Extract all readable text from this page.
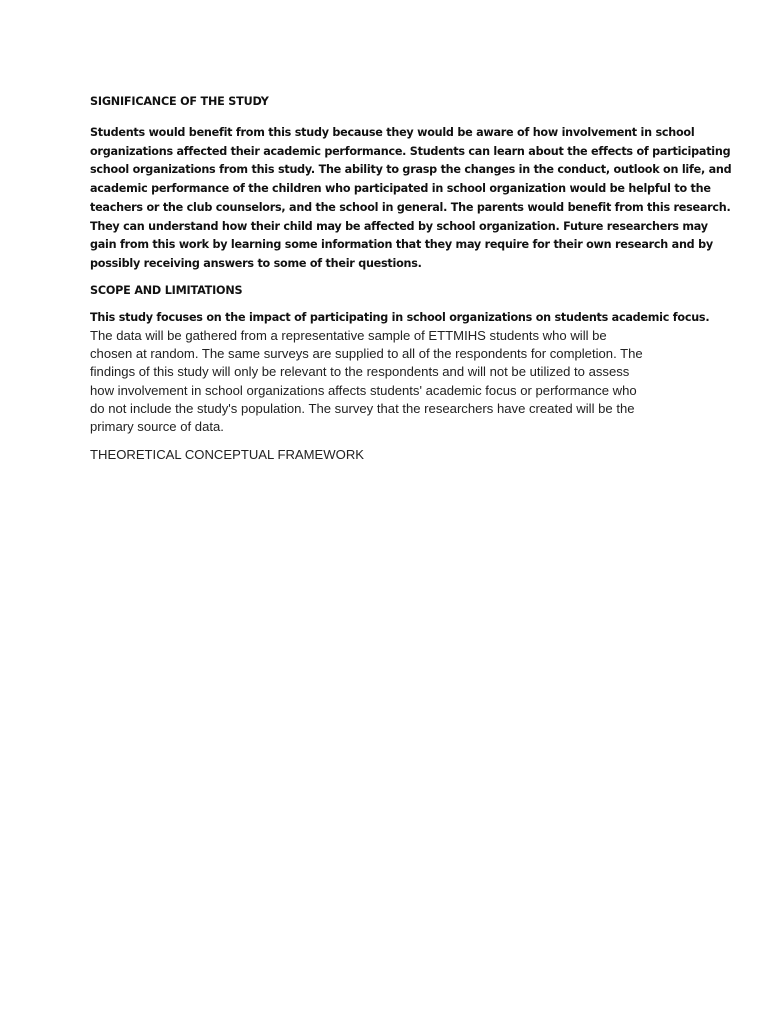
SIGNIFICANCE OF THE STUDY

Students would benefit from this study because they would be aware of how involvement in school
organizations affected their academic performance. Students can learn about the effects of participating
school organizations from this study. The ability to grasp the changes in the conduct, outlook on life, and
academic performance of the children who participated in school organization would be helpful to the
teachers or the club counselors, and the school in general. The parents would benefit from this research.
They can understand how their child may be affected by school organization. Future researchers may
gain from this work by learning some information that they may require for their own research and by
possibly receiving answers to some of their questions.

SCOPE AND LIMITATIONS
This study focuses on the impact of participating in school organizations on students academic focus.
The data will be gathered from a representative sample of ETTMIHS students who will be
chosen at random. The same surveys are supplied to all of the respondents for completion. The
findings of this study will only be relevant to the respondents and will not be utilized to assess
how involvement in school organizations affects students' academic focus or performance who
do not include the study's population. The survey that the researchers have created will be the
primary source of data.
THEORETICAL CONCEPTUAL FRAMEWORK
